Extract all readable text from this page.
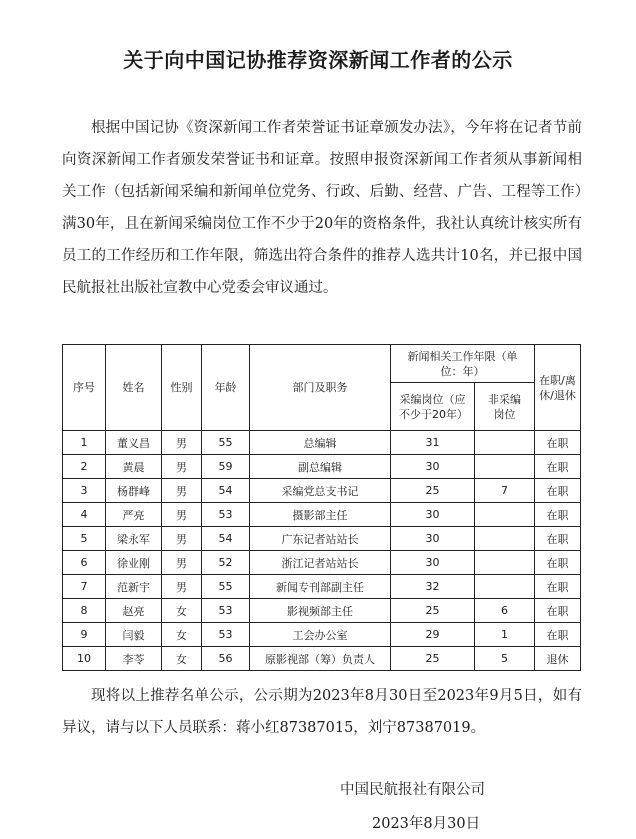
关于向中国记协推荐资深新闻工作者的公示

根据中国记协《资深新闻工作者荣誉证书证章颁发办法》，今年将在记者节前向资深新闻工作者颁发荣誉证书和证章。按照申报资深新闻工作者须从事新闻相关工作（包括新闻采编和新闻单位党务、行政、后勤、经营、广告、工程等工作）满30年，且在新闻采编岗位工作不少于20年的资格条件，我社认真统计核实所有员工的工作经历和工作年限，筛选出符合条件的推荐人选共计10名，并已报中国民航报社出版社宣教中心党委会审议通过。

序号	姓名	性别	年龄	部门及职务	新闻相关工作年限（单位：年）		在职/离休/退休
					采编岗位（应不少于20年）	非采编岗位	
1	董义昌	男	55	总编辑	31		在职
2	黄晨	男	59	副总编辑	30		在职
3	杨群峰	男	54	采编党总支书记	25	7	在职
4	严亮	男	53	摄影部主任	30		在职
5	梁永军	男	54	广东记者站站长	30		在职
6	徐业刚	男	52	浙江记者站站长	30		在职
7	范新宇	男	55	新闻专刊部副主任	32		在职
8	赵亮	女	53	影视频部主任	25	6	在职
9	闫毅	女	53	工会办公室	29	1	在职
10	李苓	女	56	原影视部（筹）负责人	25	5	退休

现将以上推荐名单公示，公示期为2023年8月30日至2023年9月5日，如有异议，请与以下人员联系：蒋小红87387015，刘宁87387019。

中国民航报社有限公司
2023年8月30日
